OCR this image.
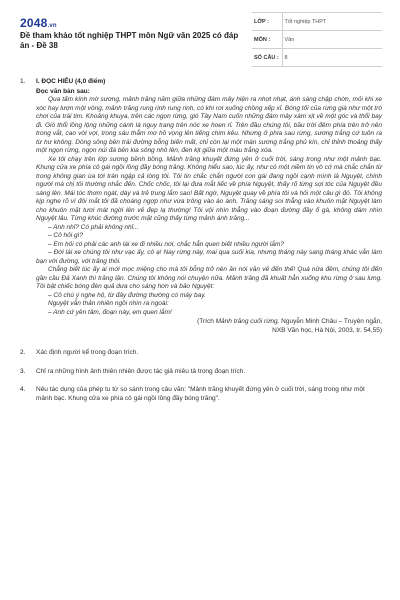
2048.vn
Đề tham khảo tốt nghiệp THPT môn Ngữ văn 2025 có đáp án - Đề 38
LỚP :	Tốt nghiệp THPT
MÔN :	Văn
SỐ CÂU :	8
1.	I. ĐỌC HIỂU (4,0 điểm)
Đọc văn bản sau:

Qua tấm kính mờ sương, mảnh trăng năm giữa những đám mây hiện ra nhợt nhạt, ánh sáng chập chờn, mỏi khi xe xóc hay lượn một vòng, mảnh trăng rung rinh rung rinh, có khi rơi xuống chồng xếp xỉ. Bóng tối của rừng già như một trò chơi của trái tim. Khoảng khuya, trên các ngọn rừng, gió Tây Nam cuốn những đám mây xám xịt về một góc và thổi bay đi. Gió thổi lồng lộng những cánh lá nguy trang trên nóc xe hoen rỉ. Trên đầu chúng tôi, bầu trời đêm phía trên trở nên trong vắt, cao vời vợi, trong sáu thẳm mơ hồ vọng lên tiếng chim kêu. Nhưng ở phía sau rừng, sương trắng cứ tuôn ra từ hư không. Dòng sông bên trái đường bỗng biến mất, chỉ còn lại một màn sương trắng phủ kín, chỉ thỉnh thoảng thấy một ngọn rừng, ngọn núi đá bên kia sông nhô lên, đen kịt giữa một màu trắng xóa.

Xe tôi chạy trên lớp sương bềnh bồng. Mảnh trăng khuyết đứng yên ở cuối trời, sáng trong như một mảnh bạc. Khung cửa xe phía cô gái ngồi lồng đầy bóng trăng. Không hiểu sao, lúc ấy, như có một niềm tin vô cớ mà chắc chắn từ trong không gian ùa tới tràn ngập cả lòng tôi. Tôi tin chắc chắn người con gái đang ngồi cạnh mình là Nguyệt, chính người mà chị tôi thường nhắc đến. Chốc chốc, tôi lại đưa mắt liếc về phía Nguyệt, thấy rõ từng sợi tóc của Nguyệt đều sáng lên. Mái tóc thơm ngát, dày và trẻ trung lắm sao! Bất ngờ, Nguyệt quay về phía tôi và hỏi một câu gì đó. Tôi không kịp nghe rõ vì đôi mắt tôi đã choáng ngợp như vừa trông vào áo ánh. Trăng sáng soi thẳng vào khuôn mặt Nguyệt làm cho khuôn mặt tươi mát ngời lên vẻ đẹp lạ thường! Tôi vội nhìn thẳng vào đoạn đường đầy ổ gà, không dám nhìn Nguyệt lâu. Từng khúc đường trước mặt cũng thấy từng mảnh ánh trăng...

– Anh nhỉ? Có phải không nhỉ...

– Cô hỏi gì?

– Em hỏi có phải các anh lái xe đi nhiều nơi, chắc hẳn quen biết nhiều người lắm?

– Đời lái xe chúng tôi như vạc ấy, cô ạ! Nay rừng này, mai qua suối kia, nhưng tháng này sang tháng khác vẫn làm bạn với đường, với trăng thôi.

Chẳng biết lúc ấy ai mới mọc miệng cho mà tôi bỗng trở nên ăn nói văn vẻ đến thế! Quá nửa đêm, chúng tôi đến gần cầu Đá Xanh thì trăng lặn. Chúng tôi không nói chuyện nữa. Mảnh trăng đã khuất hẳn xuống khu rừng ở sau lưng. Tôi bật chiếc bóng đèn quả dưa cho sáng hơn và bảo Nguyệt:

– Cô chú ý nghe hộ, từ đây đường thường có máy bay.

Nguyệt vẫn thản nhiên ngồi nhìn ra ngoài:

– Anh cứ yên tâm, đoạn này, em quen lắm!

(Trích Mảnh trăng cuối rừng, Nguyễn Minh Châu – Truyện ngắn,
NXB Văn học, Hà Nội, 2003, tr. 54,55)
2.	Xác định người kể trong đoạn trích.
3.	Chỉ ra những hình ảnh thiên nhiên được tác giả miêu tả trong đoạn trích.
4.	Nêu tác dụng của phép tu từ so sánh trong câu văn: "Mảnh trăng khuyết đứng yên ở cuối trời, sáng trong như một mảnh bạc. Khung cửa xe phía cô gái ngồi lồng đầy bóng trăng".
